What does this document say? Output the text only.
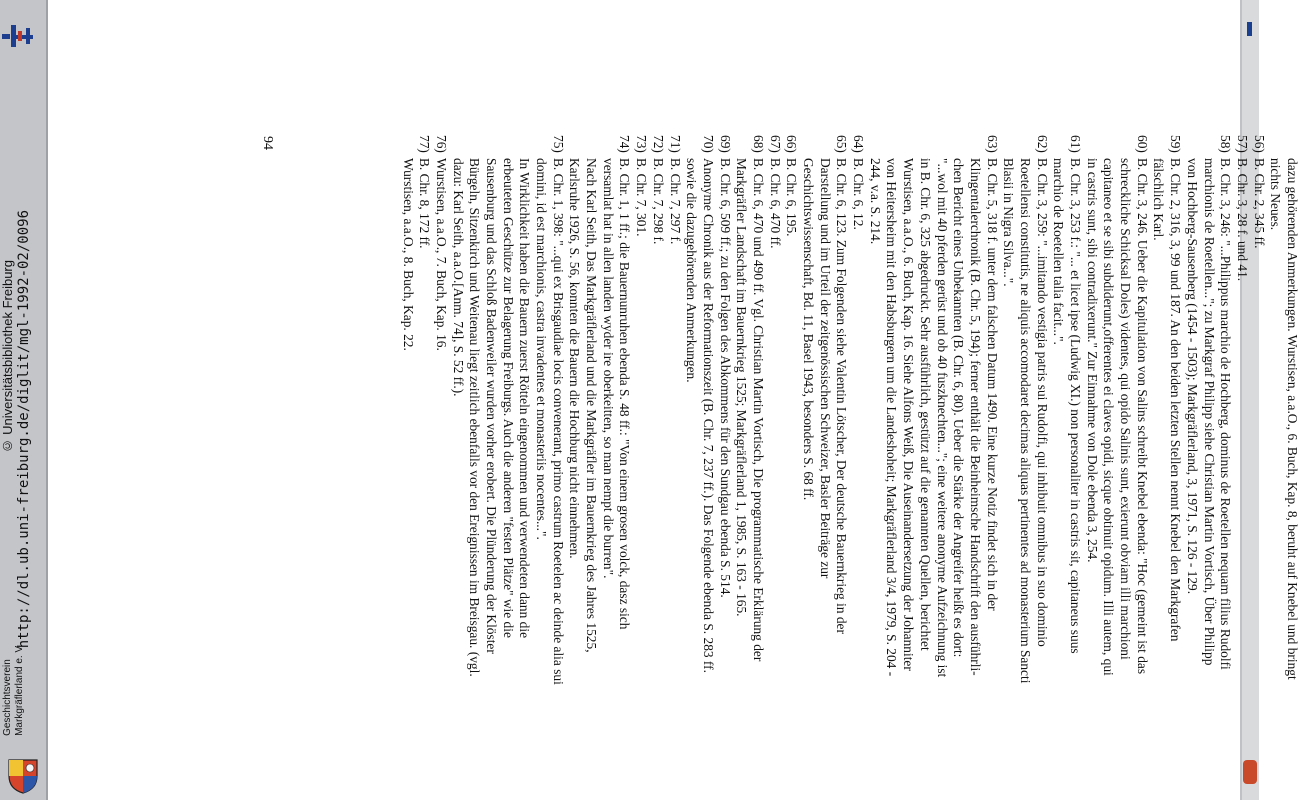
http://dl.ub.uni-freiburg.de/diglit/mgl-1992-02/0096
© Universitätsbibliothek Freiburg
Geschichtsverein
Markgräflerland e. V.
dazu gehörenden Anmerkungen. Wurstisen, a.a.O., 6. Buch, Kap. 8, beruht auf Knebel und bringt
nichts Neues.
56)B. Chr. 2, 345 ff.
57)B. Chr. 3, 28 f. und 41.
58)B. Chr. 3, 246: "...Philippus marchio de Hochberg, dominus de Roetellen nequam filius Rudolfi
marchionis de Roetellen..."; zu Markgraf Philipp siehe Christian Martin Vortisch, Über Philipp
von Hochberg-Sausenberg (1454 - 1503); Markgräflerland, 3, 1971, S. 126 - 129.
59)B. Chr. 2, 316, 3, 99 und 187. An den beiden letzten Stellen nennt Knebel den Markgrafen
fälschlich Karl.
60)B. Chr. 3, 246. Ueber die Kapitulation von Salins schreibt Knebel ebenda: "Hoc (gemeint ist das
schreckliche Schicksal Doles) videntes, qui opido Salinis sunt, exierunt obviam illi marchioni
capitaneo et se sibi subdiderunt,offerentes ei claves opidi, sicque obtinuit opidum. Illi autem, qui
in castris sunt, sibi contradixerunt." Zur Einnahme von Dole ebenda 3, 254.
61)B. Chr. 3, 253 f.: "... et licet ipse (Ludwig XI.) non personaliter in castris sit, capitaneus suus
marchio de Roetellen talia facit...".
62)B. Chr. 3, 259: "...imitando vestigia patris sui Rudolfi, qui inhibuit omnibus in suo dominio
Roetellensi constitutis, ne aliquis accomodaret decimas aliquas pertinentes ad monasterium Sancti
Blasii in Nigra Silva...".
63)B. Chr. 5, 318 f. unter dem falschen Datum 1490. Eine kurze Notiz findet sich in der
Klingentalerchronik (B. Chr. 5, 194); ferner enthält die Beinheimsche Handschrift den ausführli-
chen Bericht eines Unbekannten (B. Chr. 6, 80). Ueber die Stärke der Angreifer heißt es dort:
"...wol mit 40 pferden gerüst und ob 40 fuszknechten..."; eine weitere anonyme Aufzeichnung ist
in B. Chr. 6, 325 abgedruckt. Sehr ausführlich, gestützt auf die genannten Quellen, berichtet
Wurstisen, a.a.O., 6. Buch, Kap. 16. Siehe Alfons Weiß, Die Auseinandersetzung der Johanniter
von Heitersheim mit den Habsburgern um die Landeshoheit; Markgräflerland 3/4, 1979, S. 204 -
244, v.a. S. 214.
64)B. Chr. 6, 12.
65)B. Chr. 6, 123. Zum Folgenden siehe Valentin Lötscher, Der deutsche Bauernkrieg in der
Darstellung und im Urteil der zeitgenössischen Schweizer, Basler Beiträge zur
Geschichtswissenschaft, Bd. 11, Basel 1943, besonders S. 68 ff.
66)B. Chr. 6, 195.
67)B. Chr. 6, 470 ff.
68)B. Chr. 6, 470 und 490 ff. Vgl. Christian Martin Vortisch, Die programmatische Erklärung der
Markgräfler Landschaft im Bauernkrieg 1525; Markgräflerland 1, 1985, S. 163 - 165.
69)B. Chr. 6, 509 ff.; zu den Folgen des Abkommens für den Sundgau ebenda S. 514.
70)Anonyme Chronik aus der Reformationszeit (B. Chr. 7, 237 ff.). Das Folgende ebenda S. 283 ff.
sowie die dazugehörenden Anmerkungen.
71)B. Chr. 7, 297 f.
72)B. Chr. 7, 298 f.
73)B. Chr. 7, 301.
74)B. Chr. 1, 1 ff.; die Bauernunruhen ebenda S. 48 ff.: "Von einem grosen volck, dasz sich
versamlat hat in allen landen wyder ire oberkeitten, so man nempt die burren".
Nach Karl Seith, Das Markgräflerland und die Markgräfler im Bauernkrieg des Jahres 1525,
Karlsruhe 1926, S. 56, konnten die Bauern die Hochburg nicht einnehmen.
75)B. Chr. 1, 398: "...qui ex Brisgaudiae locis convenerant, primo castrum Roetelen ac deinde alia sui
domini, id est marchionis, castra invadentes et monasteriis nocentes...".
In Wirklichkeit haben die Bauern zuerst Rötteln eingenommen und verwendeten dann die
erbeuteten Geschütze zur Belagerung Freiburgs. Auch die anderen "festen Plätze" wie die
Sausenburg und das Schloß Badenweiler wurden vorher erobert. Die Plünderung der Klöster
Bürgeln, Sitzenkirch und Weitenau liegt zeitlich ebenfalls vor den Ereignissen im Breisgau. (vgl.
dazu: Karl Seith, a.a.O.[Anm. 74], S. 52 ff.).
76)Wurstisen, a.a.O., 7. Buch, Kap. 16.
77)B. Chr. 8, 172 ff.
Wurstisen, a.a.O., 8. Buch, Kap. 22.
94
